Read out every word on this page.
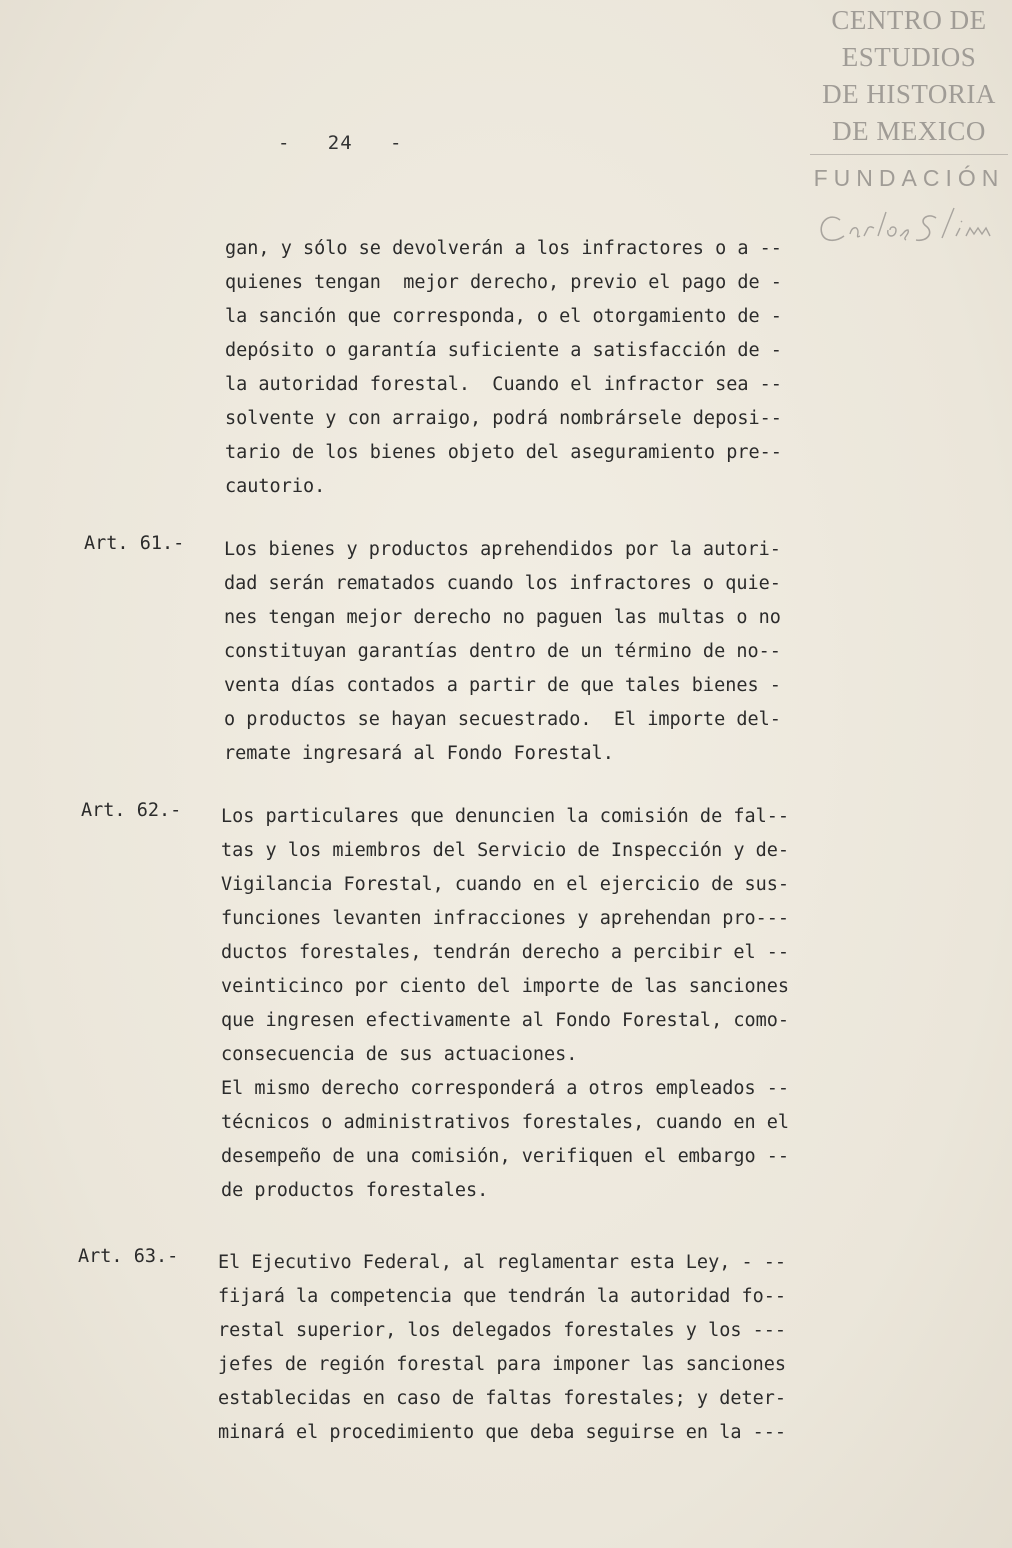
-   24   -
CENTRO DE
ESTUDIOS
DE HISTORIA
DE MEXICO
FUNDACIÓN
gan, y sólo se devolverán a los infractores o a --
quienes tengan  mejor derecho, previo el pago de -
la sanción que corresponda, o el otorgamiento de -
depósito o garantía suficiente a satisfacción de -
la autoridad forestal.  Cuando el infractor sea --
solvente y con arraigo, podrá nombrársele deposi--
tario de los bienes objeto del aseguramiento pre--
cautorio.
Art. 61.- Los bienes y productos aprehendidos por la autori-
dad serán rematados cuando los infractores o quie-
nes tengan mejor derecho no paguen las multas o no
constituyan garantías dentro de un término de no--
venta días contados a partir de que tales bienes -
o productos se hayan secuestrado.  El importe del-
remate ingresará al Fondo Forestal.
Art. 62.- Los particulares que denuncien la comisión de fal--
tas y los miembros del Servicio de Inspección y de-
Vigilancia Forestal, cuando en el ejercicio de sus-
funciones levanten infracciones y aprehendan pro---
ductos forestales, tendrán derecho a percibir el --
veinticinco por ciento del importe de las sanciones
que ingresen efectivamente al Fondo Forestal, como-
consecuencia de sus actuaciones.
El mismo derecho corresponderá a otros empleados --
técnicos o administrativos forestales, cuando en el
desempeño de una comisión, verifiquen el embargo --
de productos forestales.
Art. 63.- El Ejecutivo Federal, al reglamentar esta Ley, - --
fijará la competencia que tendrán la autoridad fo--
restal superior, los delegados forestales y los ---
jefes de región forestal para imponer las sanciones
establecidas en caso de faltas forestales; y deter-
minará el procedimiento que deba seguirse en la ---
